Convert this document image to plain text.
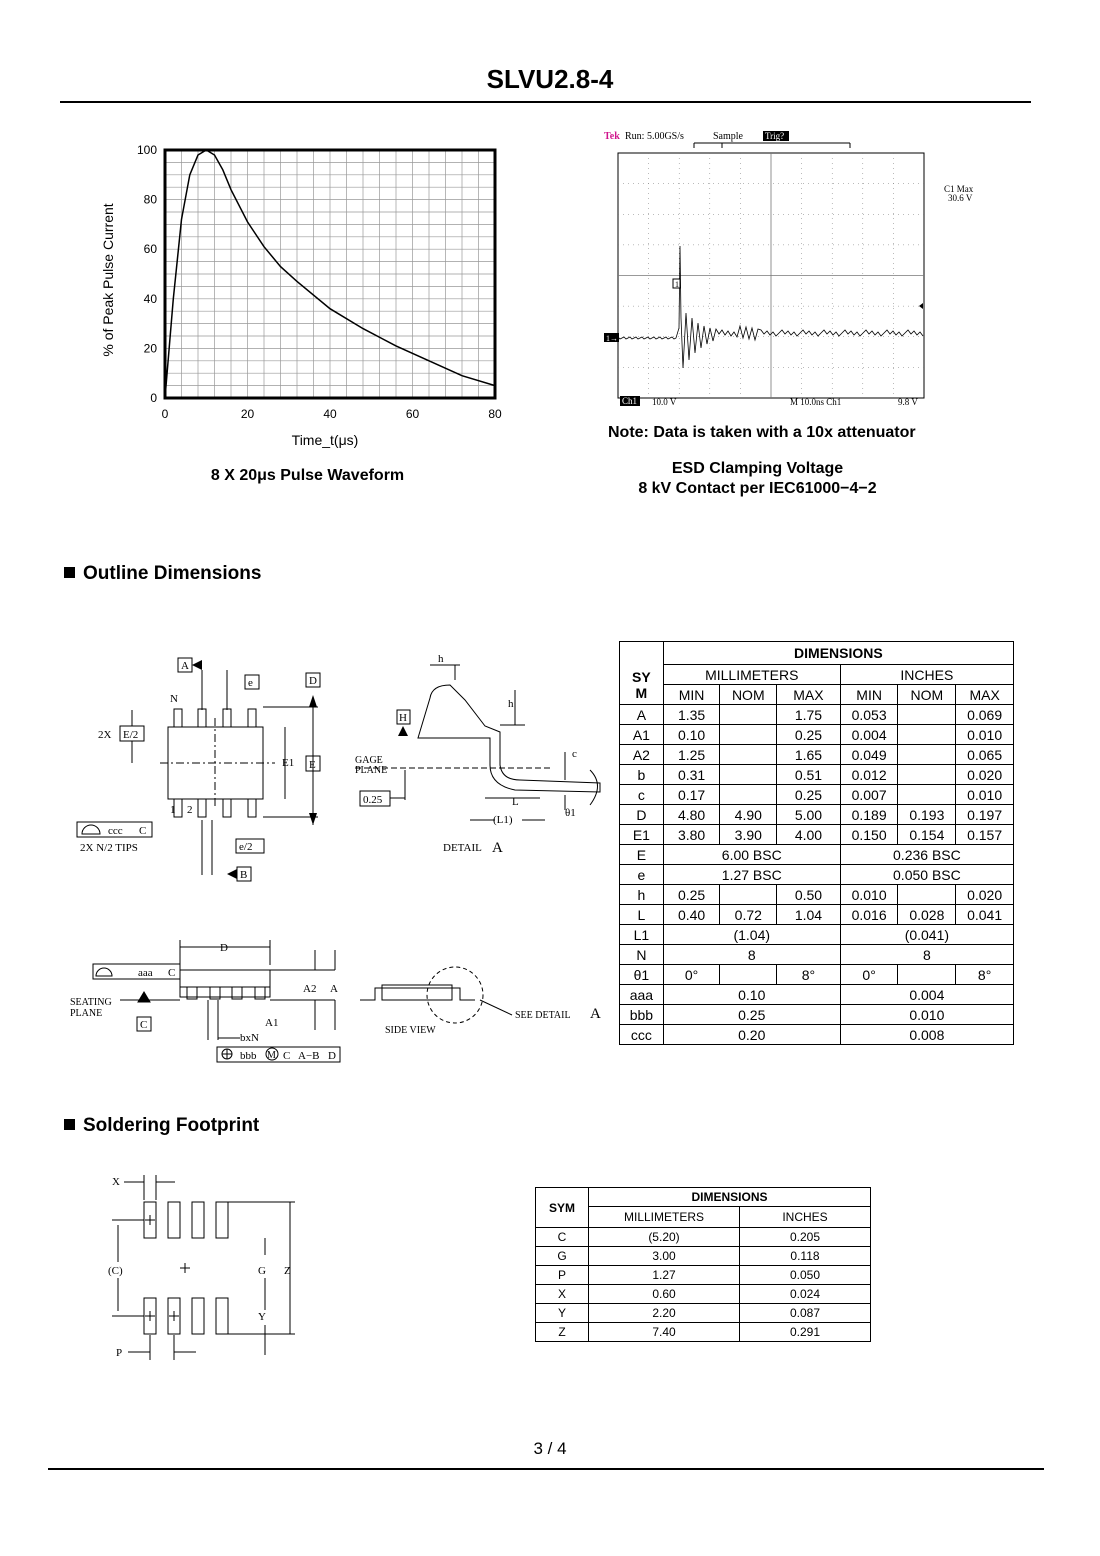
SLVU2.8-4
0	20	40	60	80
0
20
40
60
80
100
Time_t(μs)
% of Peak Pulse Current
8 X 20μs Pulse Waveform
Tek Run: 5.00GS/s	Sample Trig?
C1 Max
30.6 V
1
1→
Ch1 10.0 V	M 10.0ns Ch1	9.8 V
Note: Data is taken with a 10x attenuator
ESD Clamping Voltage
8 kV Contact per IEC61000−4−2
Outline Dimensions
A
e	D
N
2X E/2
E1 E
1 2
ccc C
2X N/2 TIPS	e/2
B
h
h
H
GAGE
PLANE
0.25	L
(L1)
c
θ1
DETAIL A
D
aaa C
SEATING
PLANE
C
A2 A
A1
bxN
bbb M C A−B D
SIDE VIEW
SEE DETAIL A
	DIMENSIONS					
SY	MILLIMETERS			INCHES		
M	MIN	NOM	MAX	MIN	NOM	MAX
A	1.35		1.75	0.053		0.069
A1	0.10		0.25	0.004		0.010
A2	1.25		1.65	0.049		0.065
b	0.31		0.51	0.012		0.020
c	0.17		0.25	0.007		0.010
D	4.80	4.90	5.00	0.189	0.193	0.197
E1	3.80	3.90	4.00	0.150	0.154	0.157
E	6.00 BSC			0.236 BSC		
e	1.27 BSC			0.050 BSC		
h	0.25		0.50	0.010		0.020
L	0.40	0.72	1.04	0.016	0.028	0.041
L1	(1.04)			(0.041)		
N	8			8		
θ1	0°		8°	0°		8°
aaa	0.10			0.004		
bbb	0.25			0.010		
ccc	0.20			0.008		
Soldering Footprint
X
(C)	G Z
Y
P
SYM	DIMENSIONS	
	MILLIMETERS	INCHES
C	(5.20)	0.205
G	3.00	0.118
P	1.27	0.050
X	0.60	0.024
Y	2.20	0.087
Z	7.40	0.291
3 / 4
